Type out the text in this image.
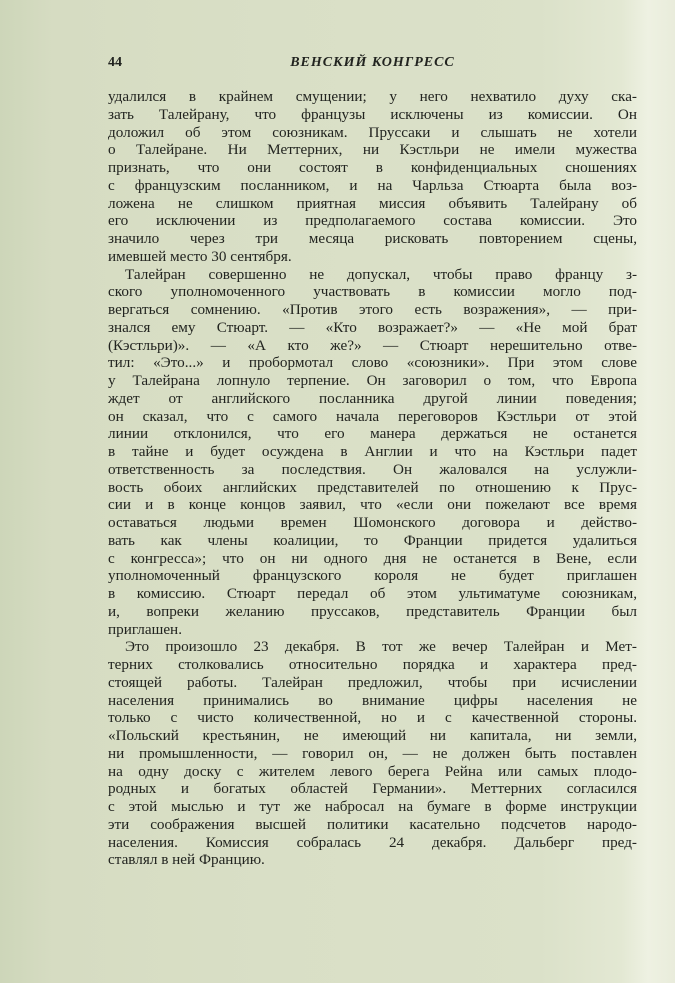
44	ВЕНСКИЙ КОНГРЕСС
удалился в крайнем смущении; у него нехватило духу ска-
зать Талейрану, что французы исключены из комиссии. Он
доложил об этом союзникам. Пруссаки и слышать не хотели
о Талейране. Ни Меттерних, ни Кэстльри не имели мужества
признать, что они состоят в конфиденциальных сношениях
с французским посланником, и на Чарльза Стюарта была воз-
ложена не слишком приятная миссия объявить Талейрану об
его исключении из предполагаемого состава комиссии. Это
значило через три месяца рисковать повторением сцены,
имевшей место 30 сентября.
Талейран совершенно не допускал, чтобы право францу з-
ского уполномоченного участвовать в комиссии могло под-
вергаться сомнению. «Против этого есть возражения», — при-
знался ему Стюарт. — «Кто возражает?» — «Не мой брат
(Кэстльри)». — «А кто же?» — Стюарт нерешительно отве-
тил: «Это...» и пробормотал слово «союзники». При этом слове
у Талейрана лопнуло терпение. Он заговорил о том, что Европа
ждет от английского посланника другой линии поведения;
он сказал, что с самого начала переговоров Кэстльри от этой
линии отклонился, что его манера держаться не останется
в тайне и будет осуждена в Англии и что на Кэстльри падет
ответственность за последствия. Он жаловался на услужли-
вость обоих английских представителей по отношению к Прус-
сии и в конце концов заявил, что «если они пожелают все время
оставаться людьми времен Шомонского договора и действо-
вать как члены коалиции, то Франции придется удалиться
с конгресса»; что он ни одного дня не останется в Вене, если
уполномоченный французского короля не будет приглашен
в комиссию. Стюарт передал об этом ультиматуме союзникам,
и, вопреки желанию пруссаков, представитель Франции был
приглашен.
Это произошло 23 декабря. В тот же вечер Талейран и Мет-
терних столковались относительно порядка и характера пред-
стоящей работы. Талейран предложил, чтобы при исчислении
населения принимались во внимание цифры населения не
только с чисто количественной, но и с качественной стороны.
«Польский крестьянин, не имеющий ни капитала, ни земли,
ни промышленности, — говорил он, — не должен быть поставлен
на одну доску с жителем левого берега Рейна или самых плодо-
родных и богатых областей Германии». Меттерних согласился
с этой мыслью и тут же набросал на бумаге в форме инструкции
эти соображения высшей политики касательно подсчетов народо-
населения. Комиссия собралась 24 декабря. Дальберг пред-
ставлял в ней Францию.
